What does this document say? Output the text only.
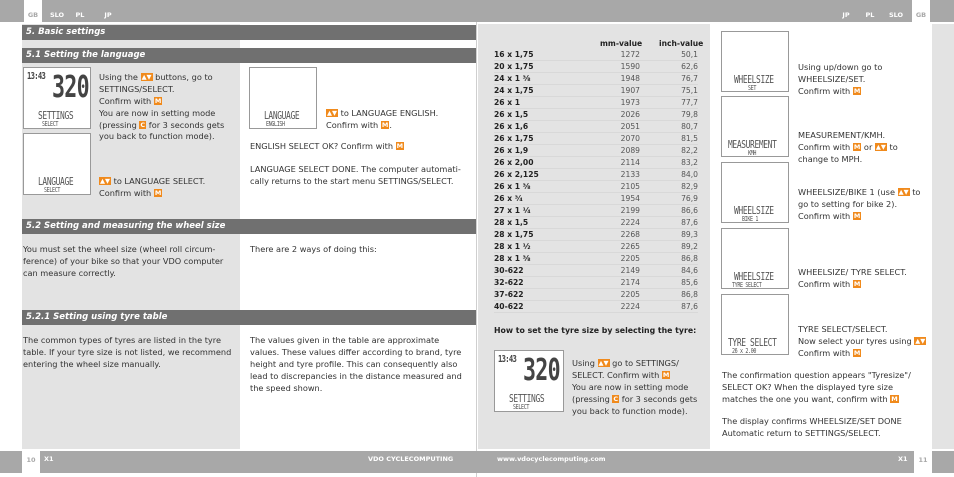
GB	SLO	PL	JP	JP	PL	SLO	GB
5. Basic settings
5.1 Setting the language
13:43 320
SETTINGS
SELECT
LANGUAGE
SELECT
LANGUAGE
ENGLISH
Using the ▲▼ buttons, go to SETTINGS/SELECT.
Confirm with M
You are now in setting mode (pressing C for 3 seconds gets you back to function mode).
▲▼ to LANGUAGE SELECT.
Confirm with M
▲▼ to LANGUAGE ENGLISH.
Confirm with M.
ENGLISH SELECT OK? Confirm with M
LANGUAGE SELECT DONE. The computer automati-cally returns to the start menu SETTINGS/SELECT.
5.2 Setting and measuring the wheel size
You must set the wheel size (wheel roll circum-ference) of your bike so that your VDO computer can measure correctly.
There are 2 ways of doing this:
5.2.1 Setting using tyre table
The common types of tyres are listed in the tyre table. If your tyre size is not listed, we recommend entering the wheel size manually.
The values given in the table are approximate values. These values differ according to brand, tyre height and tyre profile. This can consequently also lead to discrepancies in the distance measured and the speed shown.
mm-value inch-value
16 x 1,75	1272	50,1
20 x 1,75	1590	62,6
24 x 1 ³⁄₈	1948	76,7
24 x 1,75	1907	75,1
26 x 1	1973	77,7
26 x 1,5	2026	79,8
26 x 1,6	2051	80,7
26 x 1,75	2070	81,5
26 x 1,9	2089	82,2
26 x 2,00	2114	83,2
26 x 2,125	2133	84,0
26 x 1 ³⁄₈	2105	82,9
26 x ³⁄₄	1954	76,9
27 x 1 ¹⁄₄	2199	86,6
28 x 1,5	2224	87,6
28 x 1,75	2268	89,3
28 x 1 ¹⁄₂	2265	89,2
28 x 1 ³⁄₈	2205	86,8
30-622	2149	84,6
32-622	2174	85,6
37-622	2205	86,8
40-622	2224	87,6
How to set the tyre size by selecting the tyre:
13:43 320
SETTINGS
SELECT
Using ▲▼ go to SETTINGS/ SELECT. Confirm with M
You are now in setting mode (pressing C for 3 seconds gets you back to function mode).
WHEELSIZE
SET
MEASUREMENT
KMH
WHEELSIZE
BIKE 1
WHEELSIZE
TYRE SELECT
TYRE SELECT
26 x 2.00
Using up/down go to WHEELSIZE/SET.
Confirm with M
MEASUREMENT/KMH.
Confirm with M or ▲▼ to change to MPH.
WHEELSIZE/BIKE 1 (use ▲▼ to go to setting for bike 2).
Confirm with M
WHEELSIZE/ TYRE SELECT.
Confirm with M
TYRE SELECT/SELECT.
Now select your tyres using ▲▼ Confirm with M
The confirmation question appears "Tyresize"/ SELECT OK? When the displayed tyre size matches the one you want, confirm with M
The display confirms WHEELSIZE/SET DONE Automatic return to SETTINGS/SELECT.
10	X1	VDO CYCLECOMPUTING	www.vdocyclecomputing.com	X1	11
